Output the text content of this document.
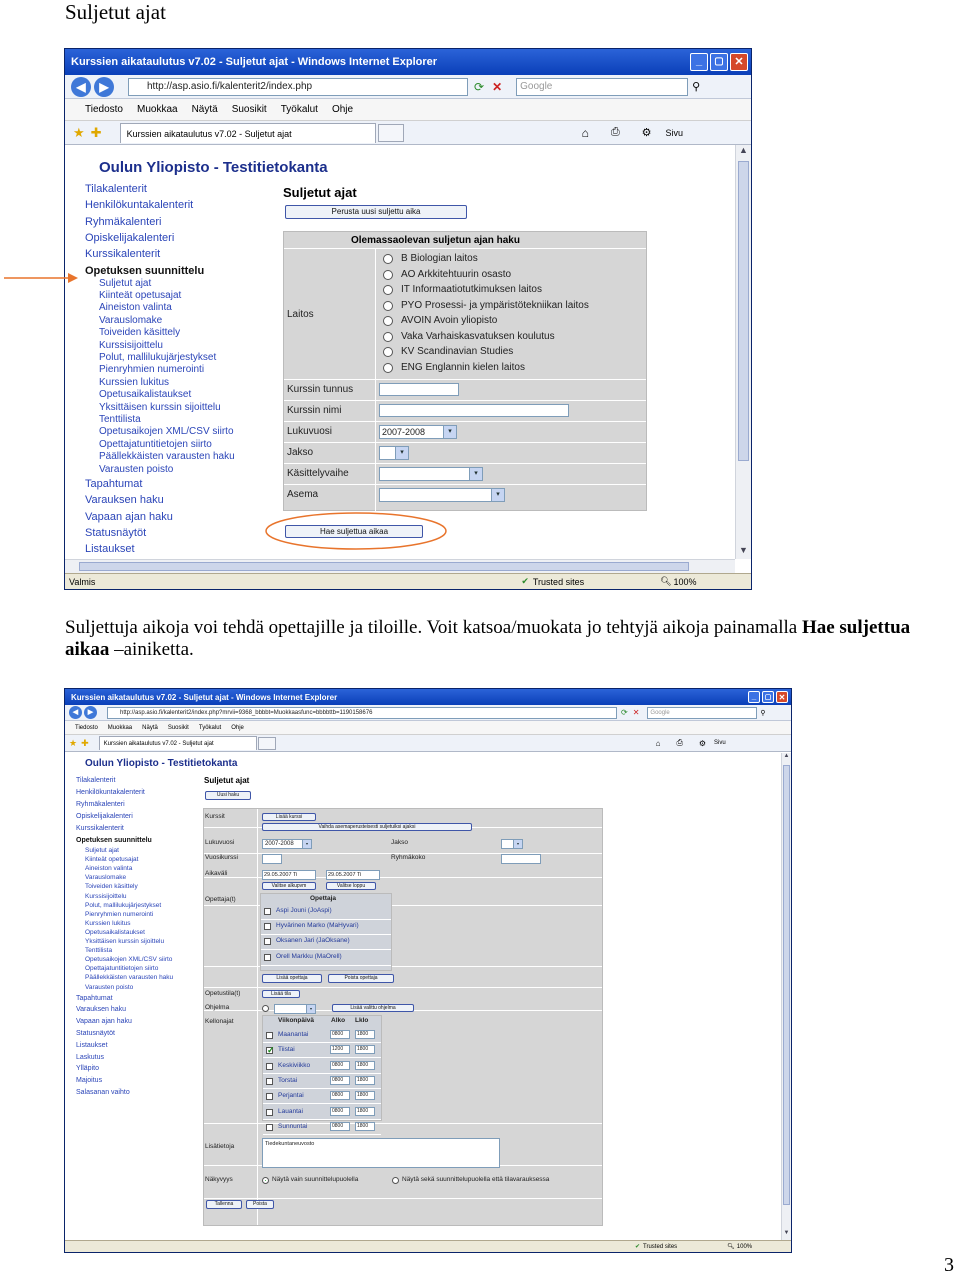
Suljetut ajat
Kurssien aikataulutus v7.02 - Suljetut ajat - Windows Internet Explorer	_	▢ ✕
◀	▶	http://asp.asio.fi/kalenterit2/index.php	⟳ ✕	Google	⚲
Tiedosto Muokkaa Näytä Suosikit Työkalut Ohje
★ ✚	Kurssien aikataulutus v7.02 - Suljetut ajat	⌂ ⎙ ⚙ Sivu
Oulun Yliopisto - Testitietokanta
Tilakalenterit
Henkilökuntakalenterit
Ryhmäkalenteri
Opiskelijakalenteri
Kurssikalenterit
Opetuksen suunnittelu
Suljetut ajat
Kiinteät opetusajat
Aineiston valinta
Varauslomake
Toiveiden käsittely
Kurssisijoittelu
Polut, mallilukujärjestykset
Pienryhmien numerointi
Kurssien lukitus
Opetusaikalistaukset
Yksittäisen kurssin sijoittelu
Tenttilista
Opetusaikojen XML/CSV siirto
Opettajatuntitietojen siirto
Päällekkäisten varausten haku
Varausten poisto
Tapahtumat
Varauksen haku
Vapaan ajan haku
Statusnäytöt
Listaukset
Suljetut ajat
Perusta uusi suljettu aika
Olemassaolevan suljetun ajan haku
Laitos
B Biologian laitos
AO Arkkitehtuurin osasto
IT Informaatiotutkimuksen laitos
PYO Prosessi- ja ympäristötekniikan laitos
AVOIN Avoin yliopisto
Vaka Varhaiskasvatuksen koulutus
KV Scandinavian Studies
ENG Englannin kielen laitos
Kurssin tunnus
Kurssin nimi
Lukuvuosi	2007-2008	▾
Jakso	▾
Käsittelyvaihe	▾
Asema	▾
Hae suljettua aikaa
▲
▼
Valmis	✔ Trusted sites	🔍︎ 100%
Suljettuja aikoja voi tehdä opettajille ja tiloille. Voit katsoa/muokata jo tehtyjä aikoja painamalla Hae suljettua aikaa –ainiketta.
Kurssien aikataulutus v7.02 - Suljetut ajat - Windows Internet Explorer	_	▢ ✕
◀	▶	http://asp.asio.fi/kalenterit2/index.php?mrvii=9368_bbbbt=Muokkaasfunc=bbbbttb=1190158676	⟳ ✕	Google	⚲
Tiedosto Muokkaa Näytä Suosikit Työkalut Ohje
★ ✚	Kurssien aikataulutus v7.02 - Suljetut ajat	⌂ ⎙ ⚙ Sivu
Oulun Yliopisto - Testitietokanta
Tilakalenterit
Henkilökuntakalenterit
Ryhmäkalenteri
Opiskelijakalenteri
Kurssikalenterit
Opetuksen suunnittelu
Suljetut ajat
Kiinteät opetusajat
Aineiston valinta
Varauslomake
Toiveiden käsittely
Kurssisijoittelu
Polut, mallilukujärjestykset
Pienryhmien numerointi
Kurssien lukitus
Opetusaikalistaukset
Yksittäisen kurssin sijoittelu
Tenttilista
Opetusaikojen XML/CSV siirto
Opettajatuntitietojen siirto
Päällekkäisten varausten haku
Varausten poisto
Tapahtumat
Varauksen haku
Vapaan ajan haku
Statusnäytöt
Listaukset
Laskutus
Ylläpito
Majoitus
Salasanan vaihto
Suljetut ajat
Uusi haku
Kurssit	Lisää kurssi
Vaihda asemaperusteisesti suljetuiksi ajaksi
Lukuvuosi	2007-2008	▾	Jakso	▾
Vuosikurssi	Ryhmäkoko
Aikaväli	29.05.2007 Ti	29.05.2007 Ti
Valitse alkupvm	Valitse loppu
Opettaja(t)	Opettaja
Aspi Jouni (JoAspi)
Hyvärinen Marko (MaHyvari)
Oksanen Jari (JaOksane)
Orell Markku (MaOrell)
Lisää opettaja	Poista opettaja
Opetustila(t)	Lisää tila
Ohjelma	▾	Lisää valittu ohjelma
Kellonajat	Viikonpäivä	Alko Lklo
Maanantai	0800	1800
✓
Tiistai	1200	1800
Keskiviikko	0800	1800
Torstai	0800	1800
Perjantai	0800	1800
Lauantai	0800	1800
Sunnuntai	0800	1800
Lisätietoja	Tiedekuntaneuvosto
Näkyvyys	Näytä vain suunnittelupuolella	Näytä sekä suunnittelupuolella että tilavarauksessa
Tallenna	Poista
▲
▼
✔ Trusted sites	🔍︎ 100%
3
